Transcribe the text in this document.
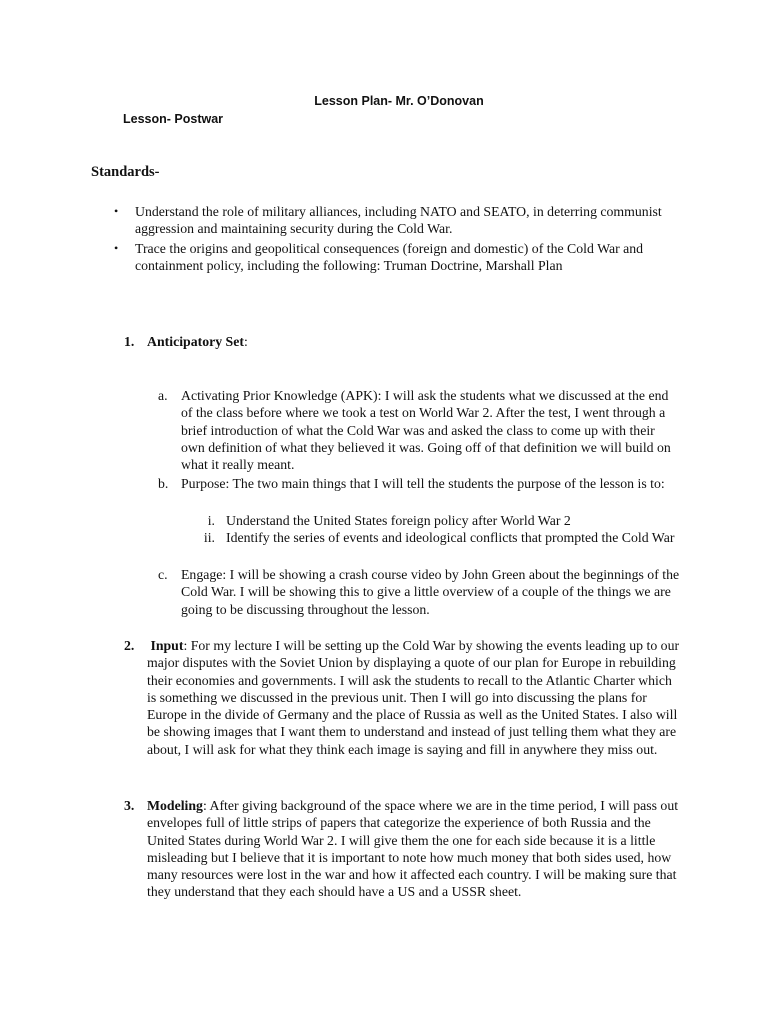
Lesson Plan- Mr. O’Donovan
Lesson- Postwar
Standards-
• Understand the role of military alliances, including NATO and SEATO, in deterring communist aggression and maintaining security during the Cold War.
• Trace the origins and geopolitical consequences (foreign and domestic) of the Cold War and containment policy, including the following: Truman Doctrine, Marshall Plan
1. Anticipatory Set:
a. Activating Prior Knowledge (APK): I will ask the students what we discussed at the end of the class before where we took a test on World War 2. After the test, I went through a brief introduction of what the Cold War was and asked the class to come up with their own definition of what they believed it was. Going off of that definition we will build on what it really meant.
b. Purpose: The two main things that I will tell the students the purpose of the lesson is to:
i. Understand the United States foreign policy after World War 2
ii. Identify the series of events and ideological conflicts that prompted the Cold War
c. Engage: I will be showing a crash course video by John Green about the beginnings of the Cold War. I will be showing this to give a little overview of a couple of the things we are going to be discussing throughout the lesson.
2. Input: For my lecture I will be setting up the Cold War by showing the events leading up to our major disputes with the Soviet Union by displaying a quote of our plan for Europe in rebuilding their economies and governments. I will ask the students to recall to the Atlantic Charter which is something we discussed in the previous unit. Then I will go into discussing the plans for Europe in the divide of Germany and the place of Russia as well as the United States. I also will be showing images that I want them to understand and instead of just telling them what they are about, I will ask for what they think each image is saying and fill in anywhere they miss out.
3. Modeling: After giving background of the space where we are in the time period, I will pass out envelopes full of little strips of papers that categorize the experience of both Russia and the United States during World War 2. I will give them the one for each side because it is a little misleading but I believe that it is important to note how much money that both sides used, how many resources were lost in the war and how it affected each country. I will be making sure that they understand that they each should have a US and a USSR sheet.
